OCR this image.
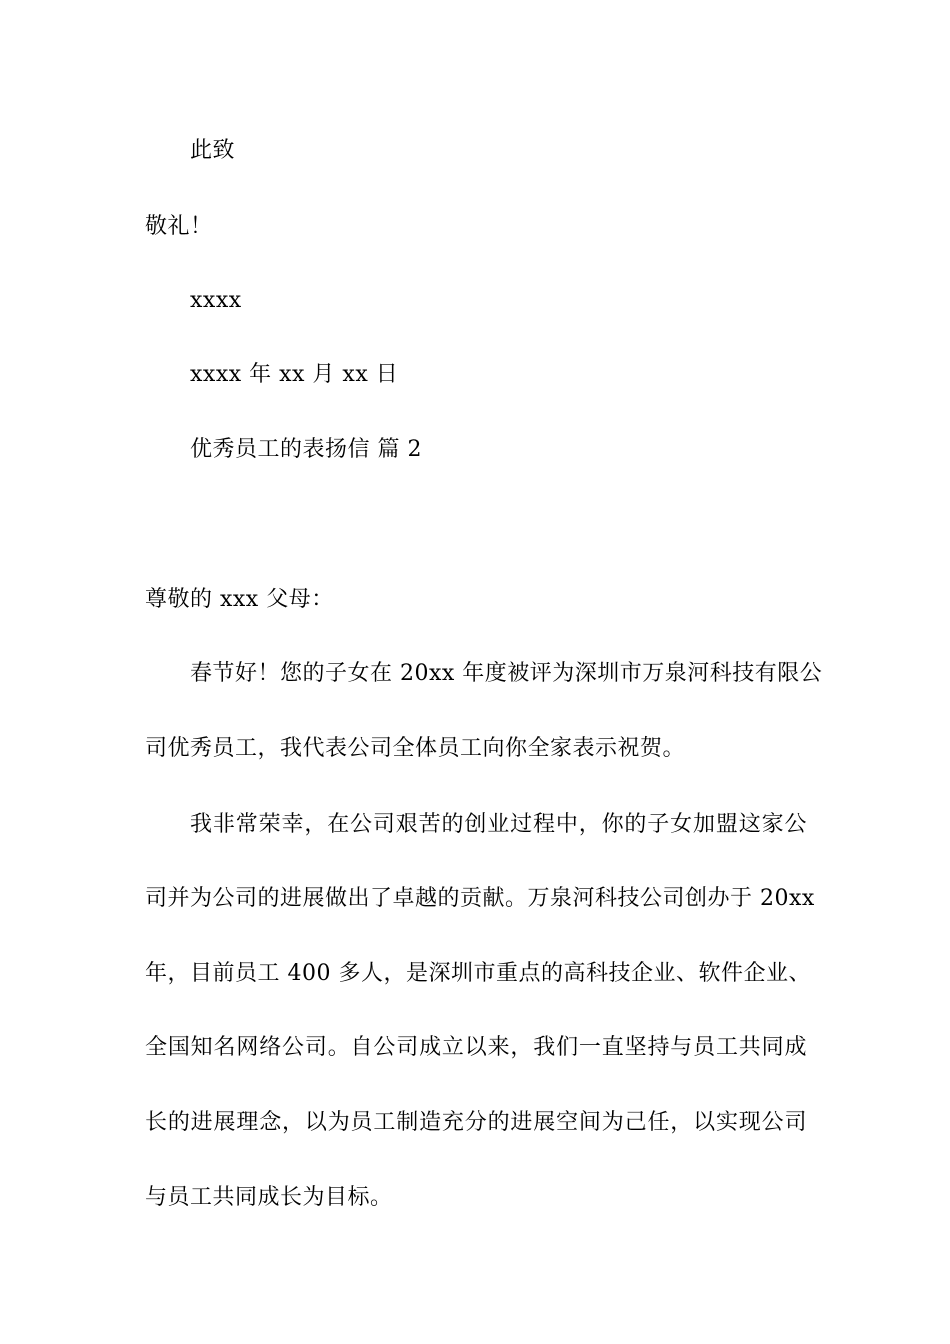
此致
敬礼！
xxxx
xxxx 年 xx 月 xx 日
优秀员工的表扬信 篇 2
尊敬的 xxx 父母：
春节好！您的子女在 20xx 年度被评为深圳市万泉河科技有限公
司优秀员工，我代表公司全体员工向你全家表示祝贺。
我非常荣幸，在公司艰苦的创业过程中，你的子女加盟这家公
司并为公司的进展做出了卓越的贡献。万泉河科技公司创办于 20xx
年，目前员工 400 多人，是深圳市重点的高科技企业、软件企业、
全国知名网络公司。自公司成立以来，我们一直坚持与员工共同成
长的进展理念，以为员工制造充分的进展空间为己任，以实现公司
与员工共同成长为目标。
